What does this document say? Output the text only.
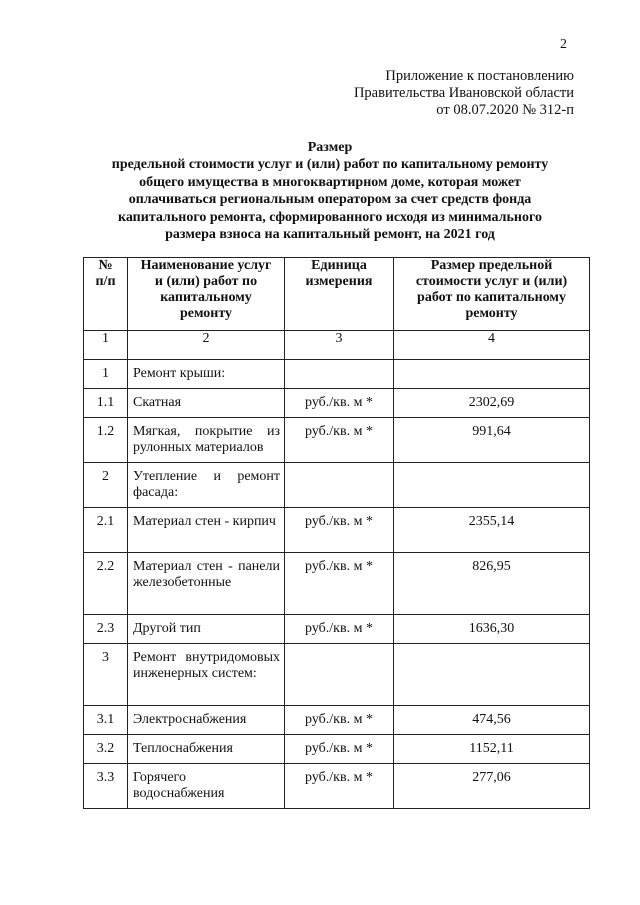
2
Приложение к постановлению
Правительства Ивановской области
от 08.07.2020 № 312-п
Размер
предельной стоимости услуг и (или) работ по капитальному ремонту
общего имущества в многоквартирном доме, которая может
оплачиваться региональным оператором за счет средств фонда
капитального ремонта, сформированного исходя из минимального
размера взноса на капитальный ремонт, на 2021 год
№ п/п	Наименование услуг и (или) работ по капитальному ремонту	Единица измерения	Размер предельной стоимости услуг и (или) работ по капитальному ремонту

1	2	3	4
1	Ремонт крыши:		
1.1	Скатная	руб./кв. м *	2302,69
1.2	Мягкая, покрытие из рулонных материалов	руб./кв. м *	991,64
2	Утепление и ремонт фасада:		
2.1	Материал стен - кирпич	руб./кв. м *	2355,14
2.2	Материал стен - панели железобетонные	руб./кв. м *	826,95
2.3	Другой тип	руб./кв. м *	1636,30
3	Ремонт внутридомовых инженерных систем:		
3.1	Электроснабжения	руб./кв. м *	474,56
3.2	Теплоснабжения	руб./кв. м *	1152,11
3.3	Горячего водоснабжения	руб./кв. м *	277,06
